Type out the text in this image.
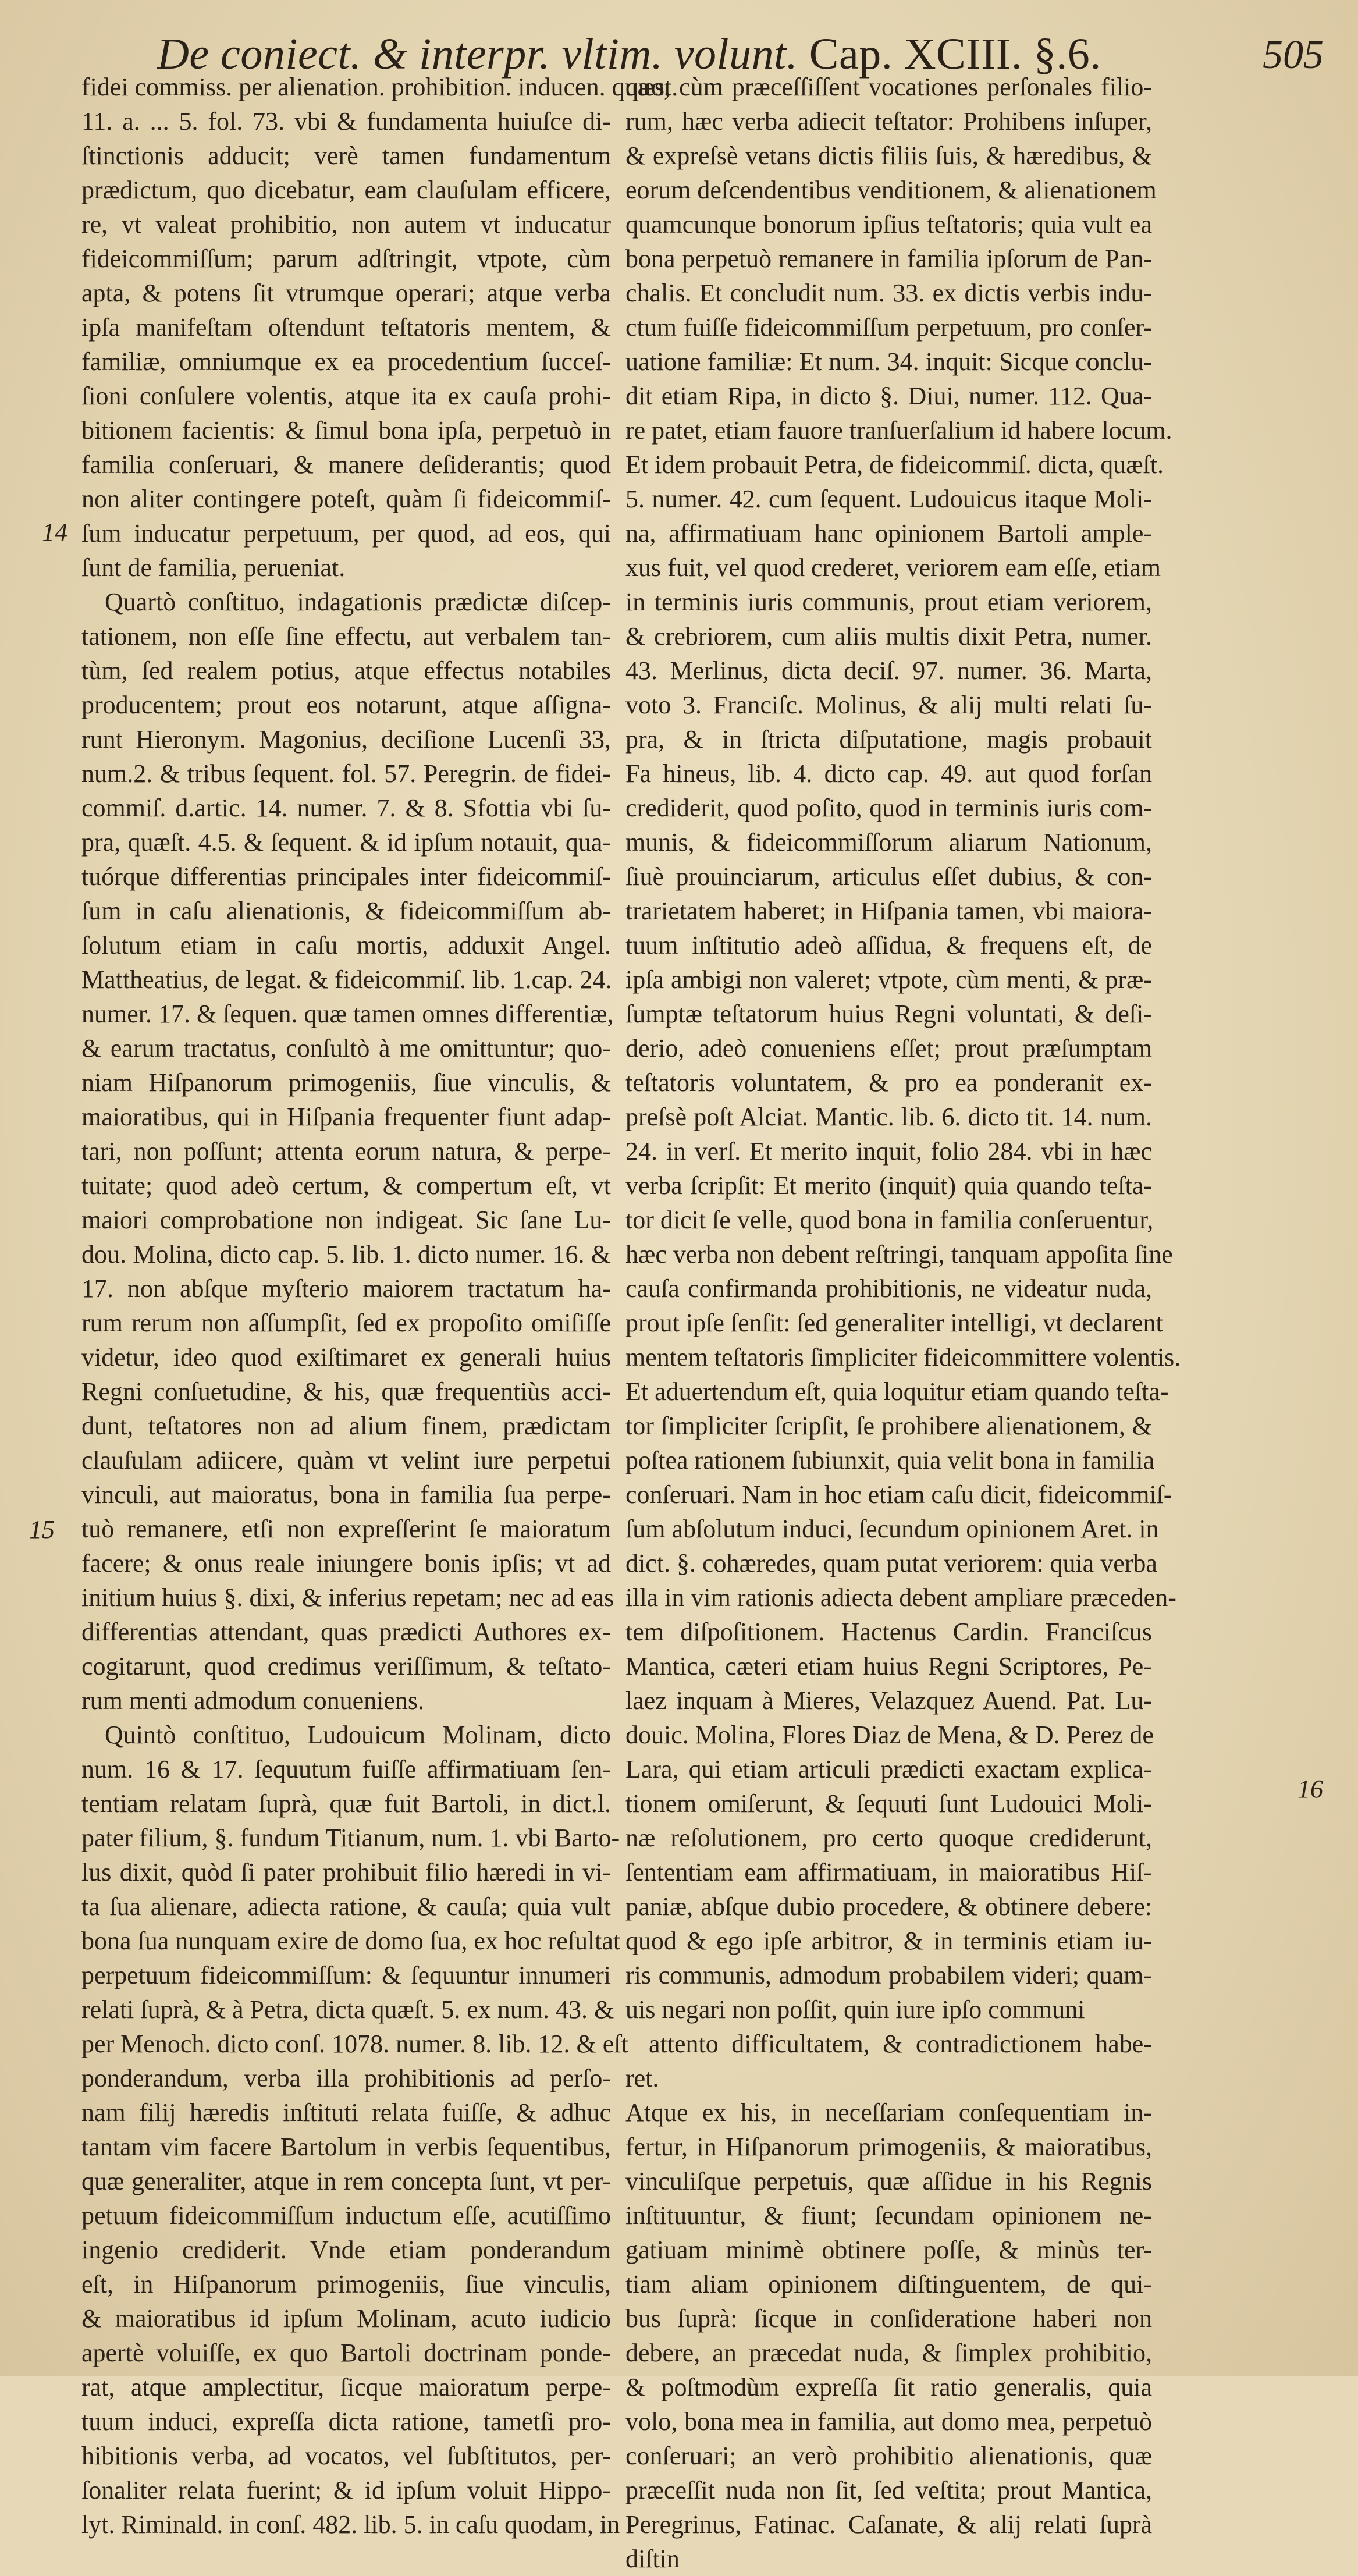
De coniect. & interpr. vltim. volunt. Cap. XCIII. §.6.	505
14
15
16
fidei commiss. per alienation. prohibition. inducen. quæst.
11. a. ... 5. fol. 73. vbi & fundamenta huiuſce di-
ſtinctionis adducit; verè tamen fundamentum
prædictum, quo dicebatur, eam clauſulam efficere,
re, vt valeat prohibitio, non autem vt inducatur
fideicommiſſum; parum adſtringit, vtpote, cùm
apta, & potens ſit vtrumque operari; atque verba
ipſa manifeſtam oſtendunt teſtatoris mentem, &
familiæ, omniumque ex ea procedentium ſucceſ-
ſioni conſulere volentis, atque ita ex cauſa prohi-
bitionem facientis: & ſimul bona ipſa, perpetuò in
familia conſeruari, & manere deſiderantis; quod
non aliter contingere poteſt, quàm ſi fideicommiſ-
ſum inducatur perpetuum, per quod, ad eos, qui
ſunt de familia, perueniat.
Quartò conſtituo, indagationis prædictæ diſcep-
tationem, non eſſe ſine effectu, aut verbalem tan-
tùm, ſed realem potius, atque effectus notabiles
producentem; prout eos notarunt, atque aſſigna-
runt Hieronym. Magonius, deciſione Lucenſi 33,
num.2. & tribus ſequent. fol. 57. Peregrin. de fidei-
commiſ. d.artic. 14. numer. 7. & 8. Sfottia vbi ſu-
pra, quæſt. 4.5. & ſequent. & id ipſum notauit, qua-
tuórque differentias principales inter fideicommiſ-
ſum in caſu alienationis, & fideicommiſſum ab-
ſolutum etiam in caſu mortis, adduxit Angel.
Mattheatius, de legat. & fideicommiſ. lib. 1.cap. 24.
numer. 17. & ſequen. quæ tamen omnes differentiæ,
& earum tractatus, conſultò à me omittuntur; quo-
niam Hiſpanorum primogeniis, ſiue vinculis, &
maioratibus, qui in Hiſpania frequenter fiunt adap-
tari, non poſſunt; attenta eorum natura, & perpe-
tuitate; quod adeò certum, & compertum eſt, vt
maiori comprobatione non indigeat. Sic ſane Lu-
dou. Molina, dicto cap. 5. lib. 1. dicto numer. 16. &
17. non abſque myſterio maiorem tractatum ha-
rum rerum non aſſumpſit, ſed ex propoſito omiſiſſe
videtur, ideo quod exiſtimaret ex generali huius
Regni conſuetudine, & his, quæ frequentiùs acci-
dunt, teſtatores non ad alium finem, prædictam
clauſulam adiicere, quàm vt velint iure perpetui
vinculi, aut maioratus, bona in familia ſua perpe-
tuò remanere, etſi non expreſſerint ſe maioratum
facere; & onus reale iniungere bonis ipſis; vt ad
initium huius §. dixi, & inferius repetam; nec ad eas
differentias attendant, quas prædicti Authores ex-
cogitarunt, quod credimus veriſſimum, & teſtato-
rum menti admodum conueniens.
Quintò conſtituo, Ludouicum Molinam, dicto
num. 16 & 17. ſequutum fuiſſe affirmatiuam ſen-
tentiam relatam ſuprà, quæ fuit Bartoli, in dict.l.
pater filium, §. fundum Titianum, num. 1. vbi Barto-
lus dixit, quòd ſi pater prohibuit filio hæredi in vi-
ta ſua alienare, adiecta ratione, & cauſa; quia vult
bona ſua nunquam exire de domo ſua, ex hoc reſultat
perpetuum fideicommiſſum: & ſequuntur innumeri
relati ſuprà, & à Petra, dicta quæſt. 5. ex num. 43. &
per Menoch. dicto conſ. 1078. numer. 8. lib. 12. & eſt
ponderandum, verba illa prohibitionis ad perſo-
nam filij hæredis inſtituti relata fuiſſe, & adhuc
tantam vim facere Bartolum in verbis ſequentibus,
quæ generaliter, atque in rem concepta ſunt, vt per-
petuum fideicommiſſum inductum eſſe, acutiſſimo
ingenio crediderit. Vnde etiam ponderandum
eſt, in Hiſpanorum primogeniis, ſiue vinculis,
& maioratibus id ipſum Molinam, acuto iudicio
apertè voluiſſe, ex quo Bartoli doctrinam ponde-
rat, atque amplectitur, ſicque maioratum perpe-
tuum induci, expreſſa dicta ratione, tametſi pro-
hibitionis verba, ad vocatos, vel ſubſtitutos, per-
ſonaliter relata fuerint; & id ipſum voluit Hippo-
lyt. Riminald. in conſ. 482. lib. 5. in caſu quodam, in
quo, cùm præceſſiſſent vocationes perſonales filio-
rum, hæc verba adiecit teſtator: Prohibens inſuper,
& expreſsè vetans dictis filiis ſuis, & hæredibus, &
eorum deſcendentibus venditionem, & alienationem
quamcunque bonorum ipſius teſtatoris; quia vult ea
bona perpetuò remanere in familia ipſorum de Pan-
chalis. Et concludit num. 33. ex dictis verbis indu-
ctum fuiſſe fideicommiſſum perpetuum, pro conſer-
uatione familiæ: Et num. 34. inquit: Sicque conclu-
dit etiam Ripa, in dicto §. Diui, numer. 112. Qua-
re patet, etiam fauore tranſuerſalium id habere locum.
Et idem probauit Petra, de fideicommiſ. dicta, quæſt.
5. numer. 42. cum ſequent. Ludouicus itaque Moli-
na, affirmatiuam hanc opinionem Bartoli ample-
xus fuit, vel quod crederet, veriorem eam eſſe, etiam
in terminis iuris communis, prout etiam veriorem,
& crebriorem, cum aliis multis dixit Petra, numer.
43. Merlinus, dicta deciſ. 97. numer. 36. Marta,
voto 3. Franciſc. Molinus, & alij multi relati ſu-
pra, & in ſtricta diſputatione, magis probauit
Fa hineus, lib. 4. dicto cap. 49. aut quod forſan
crediderit, quod poſito, quod in terminis iuris com-
munis, & fideicommiſſorum aliarum Nationum,
ſiuè prouinciarum, articulus eſſet dubius, & con-
trarietatem haberet; in Hiſpania tamen, vbi maiora-
tuum inſtitutio adeò aſſidua, & frequens eſt, de
ipſa ambigi non valeret; vtpote, cùm menti, & præ-
ſumptæ teſtatorum huius Regni voluntati, & deſi-
derio, adeò conueniens eſſet; prout præſumptam
teſtatoris voluntatem, & pro ea ponderanit ex-
preſsè poſt Alciat. Mantic. lib. 6. dicto tit. 14. num.
24. in verſ. Et merito inquit, folio 284. vbi in hæc
verba ſcripſit: Et merito (inquit) quia quando teſta-
tor dicit ſe velle, quod bona in familia conſeruentur,
hæc verba non debent reſtringi, tanquam appoſita ſine
cauſa confirmanda prohibitionis, ne videatur nuda,
prout ipſe ſenſit: ſed generaliter intelligi, vt declarent
mentem teſtatoris ſimpliciter fideicommittere volentis.
Et aduertendum eſt, quia loquitur etiam quando teſta-
tor ſimpliciter ſcripſit, ſe prohibere alienationem, &
poſtea rationem ſubiunxit, quia velit bona in familia
conſeruari. Nam in hoc etiam caſu dicit, fideicommiſ-
ſum abſolutum induci, ſecundum opinionem Aret. in
dict. §. cohæredes, quam putat veriorem: quia verba
illa in vim rationis adiecta debent ampliare præceden-
tem diſpoſitionem. Hactenus Cardin. Franciſcus
Mantica, cæteri etiam huius Regni Scriptores, Pe-
laez inquam à Mieres, Velazquez Auend. Pat. Lu-
douic. Molina, Flores Diaz de Mena, & D. Perez de
Lara, qui etiam articuli prædicti exactam explica-
tionem omiſerunt, & ſequuti ſunt Ludouici Moli-
næ reſolutionem, pro certo quoque crediderunt,
ſententiam eam affirmatiuam, in maioratibus Hiſ-
paniæ, abſque dubio procedere, & obtinere debere:
quod & ego ipſe arbitror, & in terminis etiam iu-
ris communis, admodum probabilem videri; quam-
uis negari non poſſit, quin iure ipſo communi
attento difficultatem, & contradictionem habe-
ret.
Atque ex his, in neceſſariam conſequentiam in-
fertur, in Hiſpanorum primogeniis, & maioratibus,
vinculiſque perpetuis, quæ aſſidue in his Regnis
inſtituuntur, & fiunt; ſecundam opinionem ne-
gatiuam minimè obtinere poſſe, & minùs ter-
tiam aliam opinionem diſtinguentem, de qui-
bus ſuprà: ſicque in conſideratione haberi non
debere, an præcedat nuda, & ſimplex prohibitio,
& poſtmodùm expreſſa ſit ratio generalis, quia
volo, bona mea in familia, aut domo mea, perpetuò
conſeruari; an verò prohibitio alienationis, quæ
præceſſit nuda non ſit, ſed veſtita; prout Mantica,
Peregrinus, Fatinac. Caſanate, & alij relati ſuprà
diſtin
